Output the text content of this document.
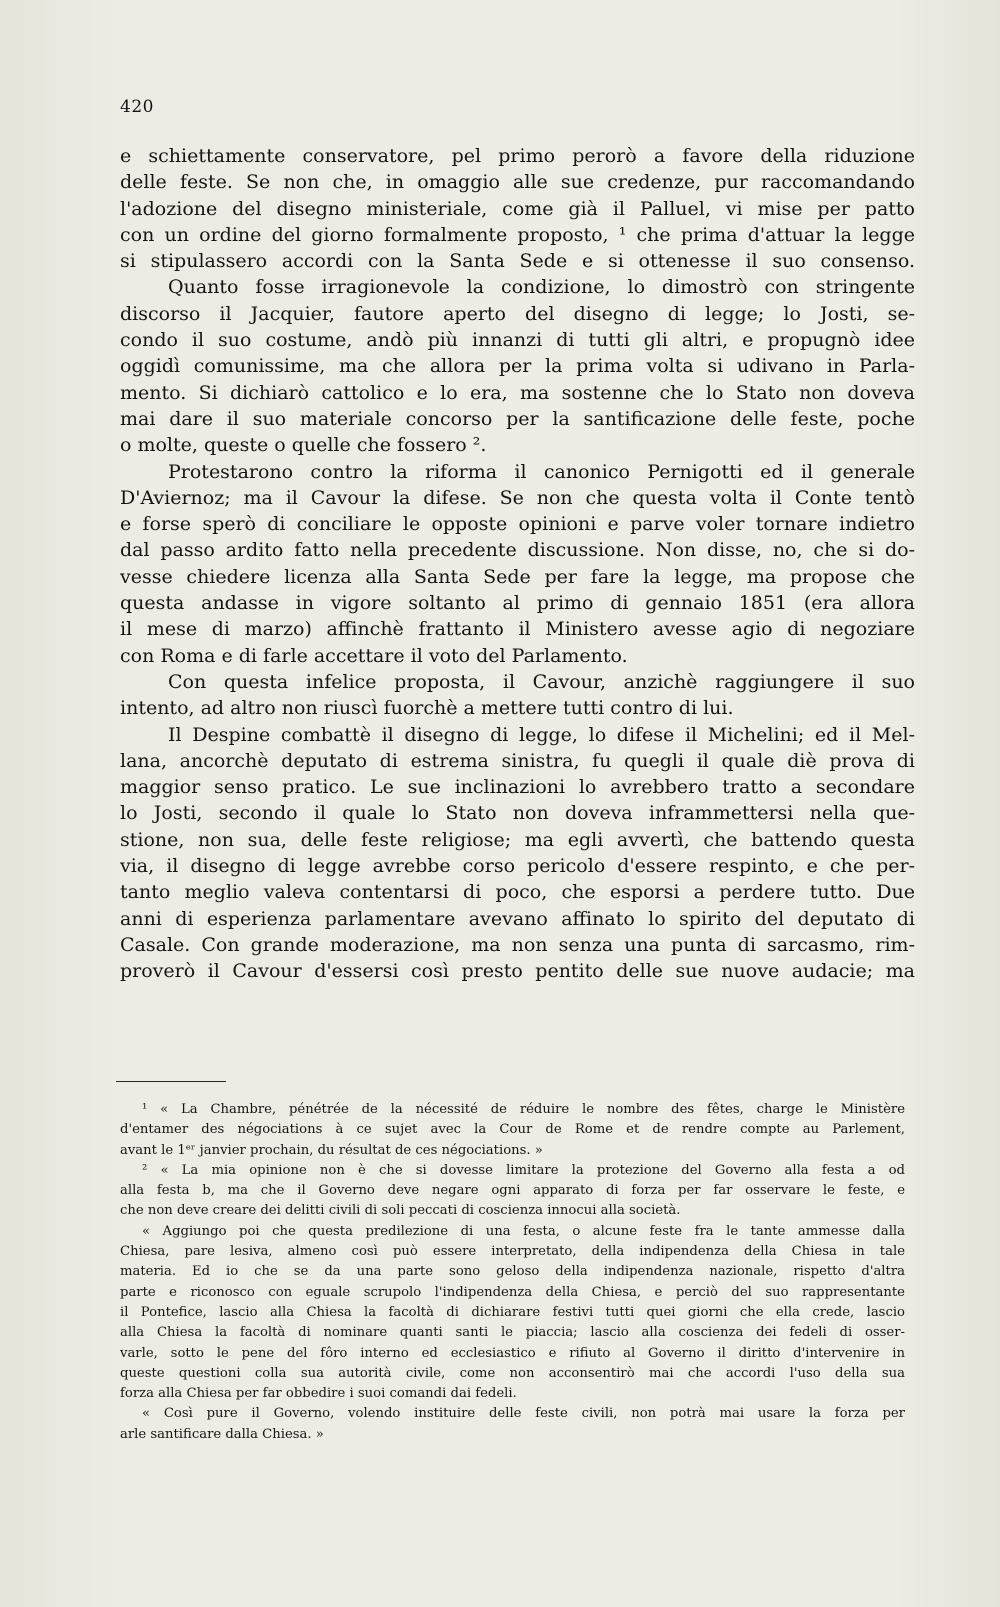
420
e schiettamente conservatore, pel primo perorò a favore della riduzione
delle feste. Se non che, in omaggio alle sue credenze, pur raccomandando
l'adozione del disegno ministeriale, come già il Palluel, vi mise per patto
con un ordine del giorno formalmente proposto, ¹ che prima d'attuar la legge
si stipulassero accordi con la Santa Sede e si ottenesse il suo consenso.
Quanto fosse irragionevole la condizione, lo dimostrò con stringente
discorso il Jacquier, fautore aperto del disegno di legge; lo Josti, se-
condo il suo costume, andò più innanzi di tutti gli altri, e propugnò idee
oggidì comunissime, ma che allora per la prima volta si udivano in Parla-
mento. Si dichiarò cattolico e lo era, ma sostenne che lo Stato non doveva
mai dare il suo materiale concorso per la santificazione delle feste, poche
o molte, queste o quelle che fossero ².
Protestarono contro la riforma il canonico Pernigotti ed il generale
D'Aviernoz; ma il Cavour la difese. Se non che questa volta il Conte tentò
e forse sperò di conciliare le opposte opinioni e parve voler tornare indietro
dal passo ardito fatto nella precedente discussione. Non disse, no, che si do-
vesse chiedere licenza alla Santa Sede per fare la legge, ma propose che
questa andasse in vigore soltanto al primo di gennaio 1851 (era allora
il mese di marzo) affinchè frattanto il Ministero avesse agio di negoziare
con Roma e di farle accettare il voto del Parlamento.
Con questa infelice proposta, il Cavour, anzichè raggiungere il suo
intento, ad altro non riuscì fuorchè a mettere tutti contro di lui.
Il Despine combattè il disegno di legge, lo difese il Michelini; ed il Mel-
lana, ancorchè deputato di estrema sinistra, fu quegli il quale diè prova di
maggior senso pratico. Le sue inclinazioni lo avrebbero tratto a secondare
lo Josti, secondo il quale lo Stato non doveva inframmettersi nella que-
stione, non sua, delle feste religiose; ma egli avvertì, che battendo questa
via, il disegno di legge avrebbe corso pericolo d'essere respinto, e che per-
tanto meglio valeva contentarsi di poco, che esporsi a perdere tutto. Due
anni di esperienza parlamentare avevano affinato lo spirito del deputato di
Casale. Con grande moderazione, ma non senza una punta di sarcasmo, rim-
proverò il Cavour d'essersi così presto pentito delle sue nuove audacie; ma
¹ « La Chambre, pénétrée de la nécessité de réduire le nombre des fêtes, charge le Ministère
d'entamer des négociations à ce sujet avec la Cour de Rome et de rendre compte au Parlement,
avant le 1ᵉʳ janvier prochain, du résultat de ces négociations. »
² « La mia opinione non è che si dovesse limitare la protezione del Governo alla festa a od
alla festa b, ma che il Governo deve negare ogni apparato di forza per far osservare le feste, e
che non deve creare dei delitti civili di soli peccati di coscienza innocui alla società.
« Aggiungo poi che questa predilezione di una festa, o alcune feste fra le tante ammesse dalla
Chiesa, pare lesiva, almeno così può essere interpretato, della indipendenza della Chiesa in tale
materia. Ed io che se da una parte sono geloso della indipendenza nazionale, rispetto d'altra
parte e riconosco con eguale scrupolo l'indipendenza della Chiesa, e perciò del suo rappresentante
il Pontefice, lascio alla Chiesa la facoltà di dichiarare festivi tutti quei giorni che ella crede, lascio
alla Chiesa la facoltà di nominare quanti santi le piaccia; lascio alla coscienza dei fedeli di osser-
varle, sotto le pene del fôro interno ed ecclesiastico e rifiuto al Governo il diritto d'intervenire in
queste questioni colla sua autorità civile, come non acconsentirò mai che accordi l'uso della sua
forza alla Chiesa per far obbedire i suoi comandi dai fedeli.
« Così pure il Governo, volendo instituire delle feste civili, non potrà mai usare la forza per
arle santificare dalla Chiesa. »
